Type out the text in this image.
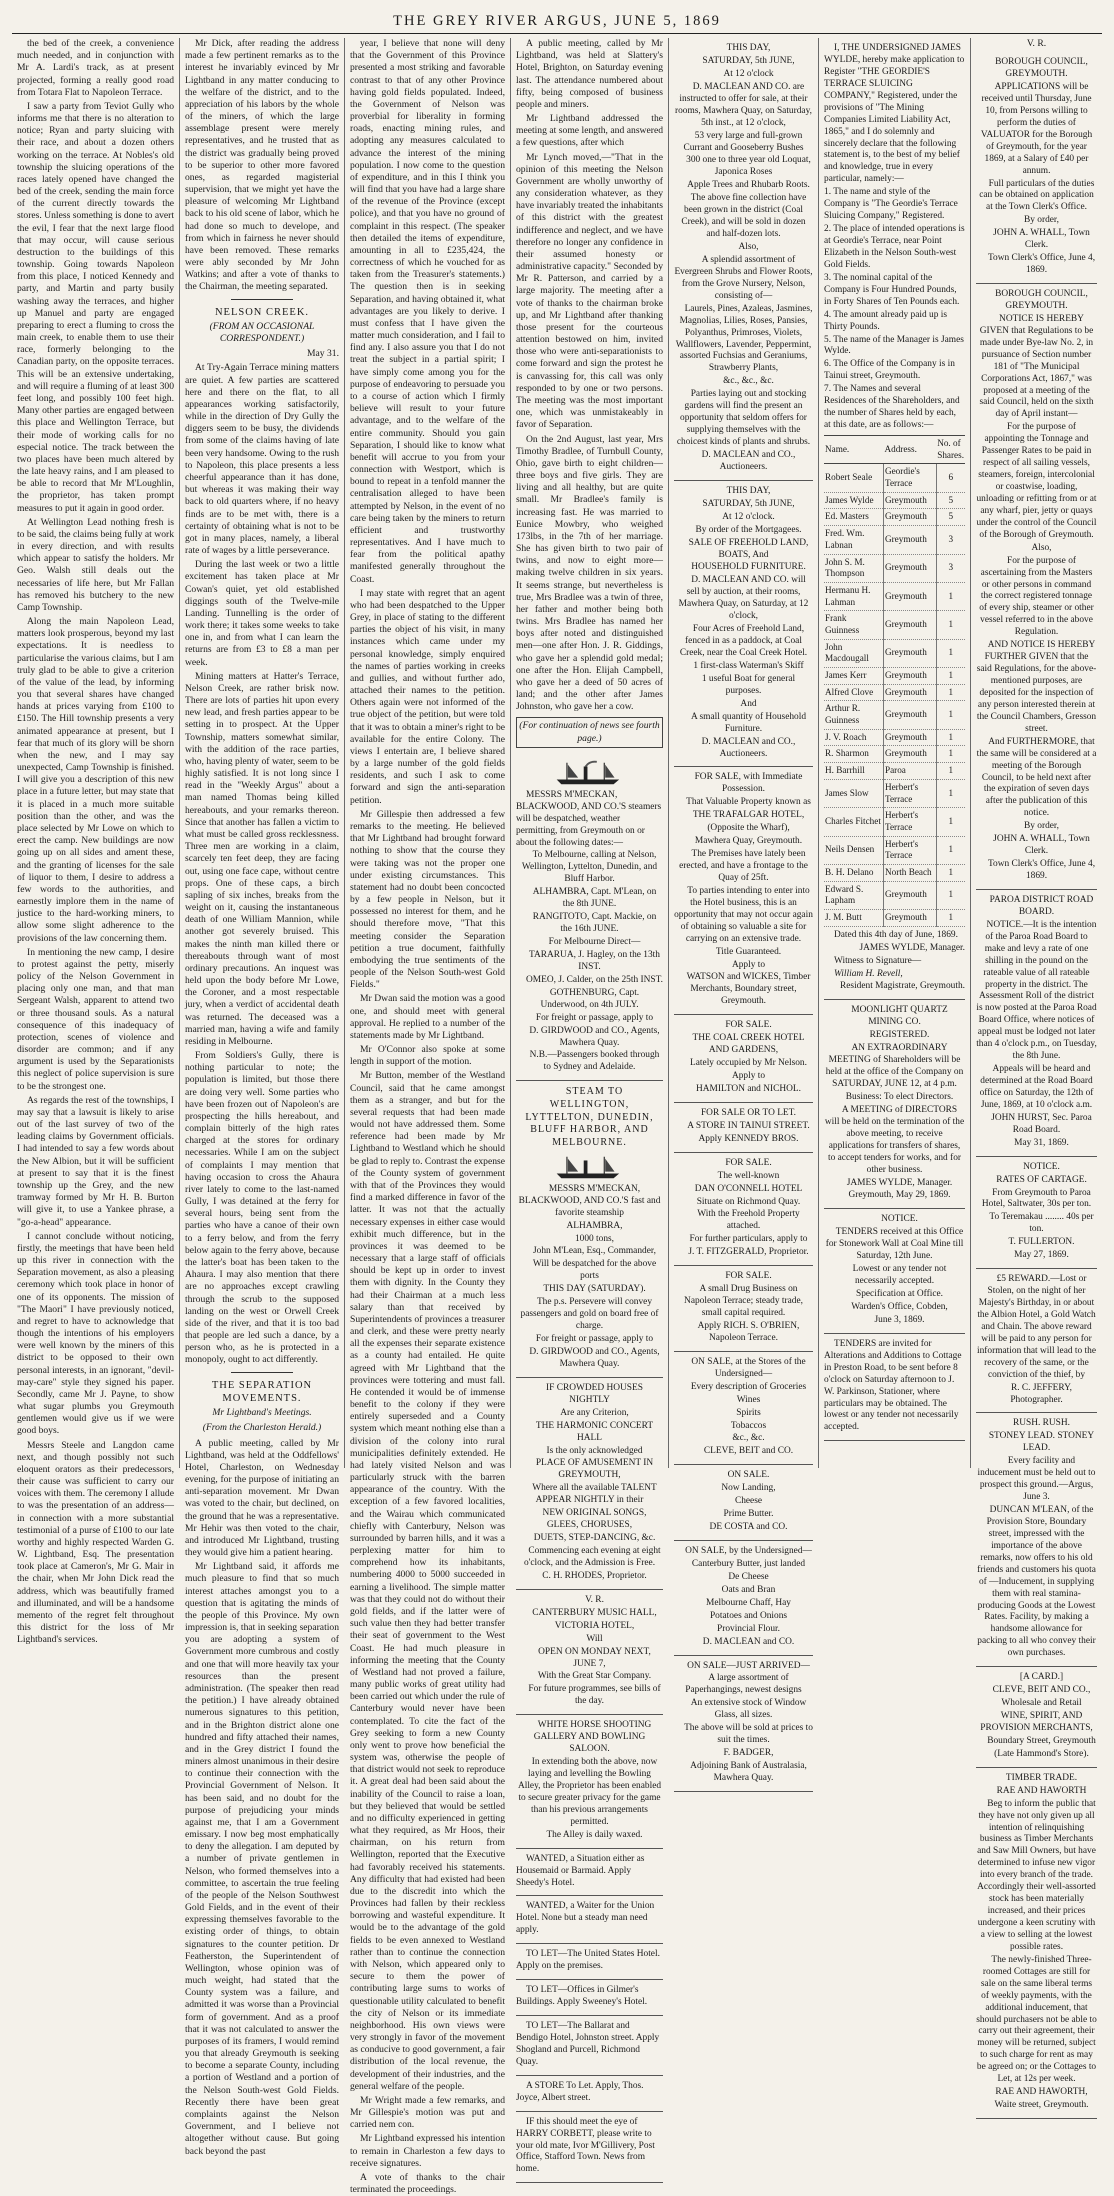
THE GREY RIVER ARGUS, JUNE 5, 1869

the bed of the creek, a convenience much needed, and in conjunction with Mr A. Lardi's track, as at present projected, forming a really good road from Totara Flat to Napoleon Terrace.

I saw a party from Teviot Gully who informs me that there is no alteration to notice; Ryan and party sluicing with their race, and about a dozen others working on the terrace. At Nobles's old township the sluicing operations of the races lately opened have changed the bed of the creek, sending the main force of the current directly towards the stores. Unless something is done to avert the evil, I fear that the next large flood that may occur, will cause serious destruction to the buildings of this township. Going towards Napoleon from this place, I noticed Kennedy and party, and Martin and party busily washing away the terraces, and higher up Manuel and party are engaged preparing to erect a fluming to cross the main creek, to enable them to use their race, formerly belonging to the Canadian party, on the opposite terraces. This will be an extensive undertaking, and will require a fluming of at least 300 feet long, and possibly 100 feet high. Many other parties are engaged between this place and Wellington Terrace, but their mode of working calls for no especial notice. The track between the two places have been much altered by the late heavy rains, and I am pleased to be able to record that Mr M'Loughlin, the proprietor, has taken prompt measures to put it again in good order.

At Wellington Lead nothing fresh is to be said, the claims being fully at work in every direction, and with results which appear to satisfy the holders. Mr Geo. Walsh still deals out the necessaries of life here, but Mr Fallan has removed his butchery to the new Camp Township.

Along the main Napoleon Lead, matters look prosperous, beyond my last expectations. It is needless to particularise the various claims, but I am truly glad to be able to give a criterion of the value of the lead, by informing you that several shares have changed hands at prices varying from £100 to £150. The Hill township presents a very animated appearance at present, but I fear that much of its glory will be shorn when the new, and I may say unexpected, Camp Township is finished. I will give you a description of this new place in a future letter, but may state that it is placed in a much more suitable position than the other, and was the place selected by Mr Lowe on which to erect the camp. New buildings are now going up on all sides and ament these, and the granting of licenses for the sale of liquor to them, I desire to address a few words to the authorities, and earnestly implore them in the name of justice to the hard-working miners, to allow some slight adherence to the provisions of the law concerning them.

In mentioning the new camp, I desire to protest against the petty, miserly policy of the Nelson Government in placing only one man, and that man Sergeant Walsh, apparent to attend two or three thousand souls. As a natural consequence of this inadequacy of protection, scenes of violence and disorder are common; and if any argument is used by the Separationists this neglect of police supervision is sure to be the strongest one.

As regards the rest of the townships, I may say that a lawsuit is likely to arise out of the last survey of two of the leading claims by Government officials. I had intended to say a few words about the New Albion, but it will be sufficient at present to say that it is the finest township up the Grey, and the new tramway formed by Mr H. B. Burton will give it, to use a Yankee phrase, a "go-a-head" appearance.

I cannot conclude without noticing, firstly, the meetings that have been held up this river in connection with the Separation movement, as also a pleasing ceremony which took place in honor of one of its opponents. The mission of "The Maori" I have previously noticed, and regret to have to acknowledge that though the intentions of his employers were well known by the miners of this district to be opposed to their own personal interests, in an ignorant, "devil-may-care" style they signed his paper. Secondly, came Mr J. Payne, to show what sugar plumbs you Greymouth gentlemen would give us if we were good boys.

Messrs Steele and Langdon came next, and though possibly not such eloquent orators as their predecessors, their cause was sufficient to carry our voices with them. The ceremony I allude to was the presentation of an address—in connection with a more substantial testimonial of a purse of £100 to our late worthy and highly respected Warden G. W. Lightband, Esq. The presentation took place at Cameron's, Mr G. Mair in the chair, when Mr John Dick read the address, which was beautifully framed and illuminated, and will be a handsome memento of the regret felt throughout this district for the loss of Mr Lightband's services.

Mr Dick, after reading the address made a few pertinent remarks as to the interest he invariably evinced by Mr Lightband in any matter conducing to the welfare of the district, and to the appreciation of his labors by the whole of the miners, of which the large assemblage present were merely representatives, and he trusted that as the district was gradually being proved to be superior to other more favored ones, as regarded magisterial supervision, that we might yet have the pleasure of welcoming Mr Lightband back to his old scene of labor, which he had done so much to develope, and from which in fairness he never should have been removed. These remarks were ably seconded by Mr John Watkins; and after a vote of thanks to the Chairman, the meeting separated.

NELSON CREEK.

(FROM AN OCCASIONAL CORRESPONDENT.)

May 31.

At Try-Again Terrace mining matters are quiet. A few parties are scattered here and there on the flat, to all appearances working satisfactorily, while in the direction of Dry Gully the diggers seem to be busy, the dividends from some of the claims having of late been very handsome. Owing to the rush to Napoleon, this place presents a less cheerful appearance than it has done, but whereas it was making their way back to old quarters where, if no heavy finds are to be met with, there is a certainty of obtaining what is not to be got in many places, namely, a liberal rate of wages by a little perseverance.

During the last week or two a little excitement has taken place at Mr Cowan's quiet, yet old established diggings south of the Twelve-mile Landing. Tunnelling is the order of work there; it takes some weeks to take one in, and from what I can learn the returns are from £3 to £8 a man per week.

Mining matters at Hatter's Terrace, Nelson Creek, are rather brisk now. There are lots of parties hit upon every new lead, and fresh parties appear to be setting in to prospect. At the Upper Township, matters somewhat similar, with the addition of the race parties, who, having plenty of water, seem to be highly satisfied. It is not long since I read in the "Weekly Argus" about a man named Thomas being killed hereabouts, and your remarks thereon. Since that another has fallen a victim to what must be called gross recklessness. Three men are working in a claim, scarcely ten feet deep, they are facing out, using one face cape, without centre props. One of these caps, a birch sapling of six inches, breaks from the weight on it, causing the instantaneous death of one William Mannion, while another got severely bruised. This makes the ninth man killed there or thereabouts through want of most ordinary precautions. An inquest was held upon the body before Mr Lowe, the Coroner, and a most respectable jury, when a verdict of accidental death was returned. The deceased was a married man, having a wife and family residing in Melbourne.

From Soldiers's Gully, there is nothing particular to note; the population is limited, but those there are doing very well. Some parties who have been frozen out of Napoleon's are prospecting the hills hereabout, and complain bitterly of the high rates charged at the stores for ordinary necessaries. While I am on the subject of complaints I may mention that having occasion to cross the Ahaura river lately to come to the last-named Gully, I was detained at the ferry for several hours, being sent from the parties who have a canoe of their own to a ferry below, and from the ferry below again to the ferry above, because the latter's boat has been taken to the Ahaura. I may also mention that there are no approaches except crawling through the scrub to the supposed landing on the west or Orwell Creek side of the river, and that it is too bad that people are led such a dance, by a person who, as he is protected in a monopoly, ought to act differently.

THE SEPARATION MOVEMENTS.

Mr Lightband's Meetings.

(From the Charleston Herald.)

A public meeting, called by Mr Lightband, was held at the Oddfellows' Hotel, Charleston, on Wednesday evening, for the purpose of initiating an anti-separation movement. Mr Dwan was voted to the chair, but declined, on the ground that he was a representative. Mr Hehir was then voted to the chair, and introduced Mr Lightband, trusting they would give him a patient hearing.

Mr Lightband said, it affords me much pleasure to find that so much interest attaches amongst you to a question that is agitating the minds of the people of this Province. My own impression is, that in seeking separation you are adopting a system of Government more cumbrous and costly and one that will more heavily tax your resources than the present administration. (The speaker then read the petition.) I have already obtained numerous signatures to this petition, and in the Brighton district alone one hundred and fifty attached their names, and in the Grey district I found the miners almost unanimous in their desire to continue their connection with the Provincial Government of Nelson. It has been said, and no doubt for the purpose of prejudicing your minds against me, that I am a Government emissary. I now beg most emphatically to deny the allegation. I am deputed by a number of private gentlemen in Nelson, who formed themselves into a committee, to ascertain the true feeling of the people of the Nelson Southwest Gold Fields, and in the event of their expressing themselves favorable to the existing order of things, to obtain signatures to the counter petition. Dr Featherston, the Superintendent of Wellington, whose opinion was of much weight, had stated that the County system was a failure, and admitted it was worse than a Provincial form of government. And as a proof that it was not calculated to answer the purposes of its framers, I would remind you that already Greymouth is seeking to become a separate County, including a portion of Westland and a portion of the Nelson South-west Gold Fields. Recently there have been great complaints against the Nelson Government, and I believe not altogether without cause. But going back beyond the past

year, I believe that none will deny that the Government of this Province presented a most striking and favorable contrast to that of any other Province having gold fields populated. Indeed, the Government of Nelson was proverbial for liberality in forming roads, enacting mining rules, and adopting any measures calculated to advance the interest of the mining population. I now come to the question of expenditure, and in this I think you will find that you have had a large share of the revenue of the Province (except police), and that you have no ground of complaint in this respect. (The speaker then detailed the items of expenditure, amounting in all to £235,424, the correctness of which he vouched for as taken from the Treasurer's statements.) The question then is in seeking Separation, and having obtained it, what advantages are you likely to derive. I must confess that I have given the matter much consideration, and I fail to find any. I also assure you that I do not treat the subject in a partial spirit; I have simply come among you for the purpose of endeavoring to persuade you to a course of action which I firmly believe will result to your future advantage, and to the welfare of the entire community. Should you gain Separation, I should like to know what benefit will accrue to you from your connection with Westport, which is bound to repeat in a tenfold manner the centralisation alleged to have been attempted by Nelson, in the event of no care being taken by the miners to return efficient and trustworthy representatives. And I have much to fear from the political apathy manifested generally throughout the Coast.

I may state with regret that an agent who had been despatched to the Upper Grey, in place of stating to the different parties the object of his visit, in many instances which came under my personal knowledge, simply enquired the names of parties working in creeks and gullies, and without further ado, attached their names to the petition. Others again were not informed of the true object of the petition, but were told that it was to obtain a miner's right to be available for the entire Colony. The views I entertain are, I believe shared by a large number of the gold fields residents, and such I ask to come forward and sign the anti-separation petition.

Mr Gillespie then addressed a few remarks to the meeting. He believed that Mr Lightband had brought forward nothing to show that the course they were taking was not the proper one under existing circumstances. This statement had no doubt been concocted by a few people in Nelson, but it possessed no interest for them, and he should therefore move, "That this meeting consider the Separation petition a true document, faithfully embodying the true sentiments of the people of the Nelson South-west Gold Fields."

Mr Dwan said the motion was a good one, and should meet with general approval. He replied to a number of the statements made by Mr Lightband.

Mr O'Connor also spoke at some length in support of the motion.

Mr Button, member of the Westland Council, said that he came amongst them as a stranger, and but for the several requests that had been made would not have addressed them. Some reference had been made by Mr Lightband to Westland which he should be glad to reply to. Contrast the expense of the County system of government with that of the Provinces they would find a marked difference in favor of the latter. It was not that the actually necessary expenses in either case would exhibit much difference, but in the provinces it was deemed to be necessary that a large staff of officials should be kept up in order to invest them with dignity. In the County they had their Chairman at a much less salary than that received by Superintendents of provinces a treasurer and clerk, and these were pretty nearly all the expenses their separate existence as a county had entailed. He quite agreed with Mr Lightband that the provinces were tottering and must fall. He contended it would be of immense benefit to the colony if they were entirely superseded and a County system which meant nothing else than a division of the colony into rural municipalities definitely extended. He had lately visited Nelson and was particularly struck with the barren appearance of the country. With the exception of a few favored localities, and the Wairau which communicated chiefly with Canterbury, Nelson was surrounded by barren hills, and it was a perplexing matter for him to comprehend how its inhabitants, numbering 4000 to 5000 succeeded in earning a livelihood. The simple matter was that they could not do without their gold fields, and if the latter were of such value then they had better transfer their seat of government to the West Coast. He had much pleasure in informing the meeting that the County of Westland had not proved a failure, many public works of great utility had been carried out which under the rule of Canterbury would never have been contemplated. To cite the fact of the Grey seeking to form a new County only went to prove how beneficial the system was, otherwise the people of that district would not seek to reproduce it. A great deal had been said about the inability of the Council to raise a loan, but they believed that would be settled and no difficulty experienced in getting what they required, as Mr Hoos, their chairman, on his return from Wellington, reported that the Executive had favorably received his statements. Any difficulty that had existed had been due to the discredit into which the Provinces had fallen by their reckless borrowing and wasteful expenditure. It would be to the advantage of the gold fields to be even annexed to Westland rather than to continue the connection with Nelson, which appeared only to secure to them the power of contributing large sums to works of questionable utility calculated to benefit the city of Nelson or its immediate neighborhood. His own views were very strongly in favor of the movement as conducive to good government, a fair distribution of the local revenue, the development of their industries, and the general welfare of the people.

Mr Wright made a few remarks, and Mr Gillespie's motion was put and carried nem con.

Mr Lightband expressed his intention to remain in Charleston a few days to receive signatures.

A vote of thanks to the chair terminated the proceedings.

A public meeting, called by Mr Lightband, was held at Slattery's Hotel, Brighton, on Saturday evening last. The attendance numbered about fifty, being composed of business people and miners.

Mr Lightband addressed the meeting at some length, and answered a few questions, after which

Mr Lynch moved,—"That in the opinion of this meeting the Nelson Government are wholly unworthy of any consideration whatever, as they have invariably treated the inhabitants of this district with the greatest indifference and neglect, and we have therefore no longer any confidence in their assumed honesty or administrative capacity." Seconded by Mr R. Patterson, and carried by a large majority. The meeting after a vote of thanks to the chairman broke up, and Mr Lightband after thanking those present for the courteous attention bestowed on him, invited those who were anti-separationists to come forward and sign the protest he is canvassing for, this call was only responded to by one or two persons. The meeting was the most important one, which was unmistakeably in favor of Separation.

On the 2nd August, last year, Mrs Timothy Bradlee, of Turnbull County, Ohio, gave birth to eight children—three boys and five girls. They are living and all healthy, but are quite small. Mr Bradlee's family is increasing fast. He was married to Eunice Mowbry, who weighed 173lbs, in the 7th of her marriage. She has given birth to two pair of twins, and now to eight more—making twelve children in six years. It seems strange, but nevertheless is true, Mrs Bradlee was a twin of three, her father and mother being both twins. Mrs Bradlee has named her boys after noted and distinguished men—one after Hon. J. R. Giddings, who gave her a splendid gold medal; one after the Hon. Elijah Campbell, who gave her a deed of 50 acres of land; and the other after James Johnston, who gave her a cow.

(For continuation of news see fourth page.)

MESSRS M'MECKAN, BLACKWOOD, AND CO.'S steamers will be despatched, weather permitting, from Greymouth on or about the following dates:—

To Melbourne, calling at Nelson, Wellington, Lyttelton, Dunedin, and Bluff Harbor.

ALHAMBRA, Capt. M'Lean, on the 8th JUNE.

RANGITOTO, Capt. Mackie, on the 16th JUNE.

For Melbourne Direct—

TARARUA, J. Hagley, on the 13th INST.

OMEO, J. Calder, on the 25th INST.

GOTHENBURG, Capt. Underwood, on 4th JULY.

For freight or passage, apply to

D. GIRDWOOD and CO., Agents, Mawhera Quay.

N.B.—Passengers booked through to Sydney and Adelaide.

STEAM TO WELLINGTON, LYTTELTON, DUNEDIN, BLUFF HARBOR, AND MELBOURNE.

MESSRS M'MECKAN, BLACKWOOD, AND CO.'S fast and favorite steamship

ALHAMBRA,

1000 tons,

John M'Lean, Esq., Commander,

Will be despatched for the above ports

THIS DAY (SATURDAY).

The p.s. Persevere will convey passengers and gold on board free of charge.

For freight or passage, apply to

D. GIRDWOOD and CO., Agents, Mawhera Quay.

IF CROWDED HOUSES NIGHTLY

Are any Criterion,

THE HARMONIC CONCERT HALL

Is the only acknowledged

PLACE OF AMUSEMENT IN GREYMOUTH,

Where all the available TALENT APPEAR NIGHTLY in their

NEW ORIGINAL SONGS, GLEES, CHORUSES,

DUETS, STEP-DANCING, &c.

Commencing each evening at eight o'clock, and the Admission is Free.

C. H. RHODES, Proprietor.

V. R.

CANTERBURY MUSIC HALL,

VICTORIA HOTEL,

Will

OPEN ON MONDAY NEXT, JUNE 7,

With the Great Star Company.

For future programmes, see bills of the day.

WHITE HORSE SHOOTING GALLERY AND BOWLING SALOON.

In extending both the above, now laying and levelling the Bowling Alley, the Proprietor has been enabled to secure greater privacy for the game than his previous arrangements permitted.

The Alley is daily waxed.

WANTED, a Situation either as Housemaid or Barmaid. Apply Sheedy's Hotel.

WANTED, a Waiter for the Union Hotel. None but a steady man need apply.

TO LET—The United States Hotel. Apply on the premises.

TO LET—Offices in Gilmer's Buildings. Apply Sweeney's Hotel.

TO LET—The Ballarat and Bendigo Hotel, Johnston street. Apply Shogland and Purcell, Richmond Quay.

A STORE To Let. Apply, Thos. Joyce, Albert street.

IF this should meet the eye of HARRY CORBETT, please write to your old mate, Ivor M'Gillivery, Post Office, Stafford Town. News from home.

THIS DAY,

SATURDAY, 5th JUNE,

At 12 o'clock

D. MACLEAN AND CO. are instructed to offer for sale, at their rooms, Mawhera Quay, on Saturday, 5th inst., at 12 o'clock,

53 very large and full-grown Currant and Gooseberry Bushes

300 one to three year old Loquat, Japonica Roses

Apple Trees and Rhubarb Roots.

The above fine collection have been grown in the district (Coal Creek), and will be sold in dozen and half-dozen lots.

Also,

A splendid assortment of Evergreen Shrubs and Flower Roots, from the Grove Nursery, Nelson, consisting of—

Laurels, Pines, Azaleas, Jasmines, Magnolias, Lilies, Roses, Pansies, Polyanthus, Primroses, Violets, Wallflowers, Lavender, Peppermint, assorted Fuchsias and Geraniums, Strawberry Plants,

&c., &c., &c.

Parties laying out and stocking gardens will find the present an opportunity that seldom offers for supplying themselves with the choicest kinds of plants and shrubs.

D. MACLEAN and CO., Auctioneers.

THIS DAY,

SATURDAY, 5th JUNE,

At 12 o'clock.

By order of the Mortgagees.

SALE OF FREEHOLD LAND, BOATS, And

HOUSEHOLD FURNITURE.

D. MACLEAN AND CO. will sell by auction, at their rooms, Mawhera Quay, on Saturday, at 12 o'clock,

Four Acres of Freehold Land, fenced in as a paddock, at Coal Creek, near the Coal Creek Hotel.

1 first-class Waterman's Skiff

1 useful Boat for general purposes.

And

A small quantity of Household Furniture.

D. MACLEAN and CO., Auctioneers.

FOR SALE, with Immediate Possession.

That Valuable Property known as

THE TRAFALGAR HOTEL,

(Opposite the Wharf),

Mawhera Quay, Greymouth.

The Premises have lately been erected, and have a frontage to the Quay of 25ft.

To parties intending to enter into the Hotel business, this is an opportunity that may not occur again of obtaining so valuable a site for carrying on an extensive trade.

Title Guaranteed.

Apply to

WATSON and WICKES, Timber Merchants, Boundary street, Greymouth.

FOR SALE.

THE COAL CREEK HOTEL AND GARDENS,

Lately occupied by Mr Nelson.

Apply to

HAMILTON and NICHOL.

FOR SALE OR TO LET.

A STORE IN TAINUI STREET.

Apply KENNEDY BROS.

FOR SALE.

The well-known

DAN O'CONNELL HOTEL

Situate on Richmond Quay.

With the Freehold Property attached.

For further particulars, apply to

J. T. FITZGERALD, Proprietor.

FOR SALE.

A small Drug Business on Napoleon Terrace; steady trade, small capital required.

Apply RICH. S. O'BRIEN, Napoleon Terrace.

ON SALE, at the Stores of the Undersigned—

Every description of Groceries

Wines

Spirits

Tobaccos

&c., &c.

CLEVE, BEIT and CO.

ON SALE.

Now Landing,

Cheese

Prime Butter.

DE COSTA and CO.

ON SALE, by the Undersigned—

Canterbury Butter, just landed

De Cheese

Oats and Bran

Melbourne Chaff, Hay

Potatoes and Onions

Provincial Flour.

D. MACLEAN and CO.

ON SALE—JUST ARRIVED—

A large assortment of Paperhangings, newest designs

An extensive stock of Window Glass, all sizes.

The above will be sold at prices to suit the times.

F. BADGER,

Adjoining Bank of Australasia, Mawhera Quay.

I, THE UNDERSIGNED JAMES WYLDE, hereby make application to Register "THE GEORDIE'S TERRACE SLUICING COMPANY," Registered, under the provisions of "The Mining Companies Limited Liability Act, 1865," and I do solemnly and sincerely declare that the following statement is, to the best of my belief and knowledge, true in every particular, namely:—

1. The name and style of the Company is "The Geordie's Terrace Sluicing Company," Registered.

2. The place of intended operations is at Geordie's Terrace, near Point Elizabeth in the Nelson South-west Gold Fields.

3. The nominal capital of the Company is Four Hundred Pounds, in Forty Shares of Ten Pounds each.

4. The amount already paid up is Thirty Pounds.

5. The name of the Manager is James Wylde.

6. The Office of the Company is in Tainui street, Greymouth.

7. The Names and several Residences of the Shareholders, and the number of Shares held by each, at this date, are as follows:—

Name.	Address.	No. of Shares.
Robert Seale	Geordie's Terrace	6
James Wylde	Greymouth	5
Ed. Masters	Greymouth	5
Fred. Wm. Labnan	Greymouth	3
John S. M. Thompson	Greymouth	3
Hermanu H. Lahman	Greymouth	1
Frank Guinness	Greymouth	1
John Macdougall	Greymouth	1
James Kerr	Greymouth	1
Alfred Clove	Greymouth	1
Arthur R. Guinness	Greymouth	1
J. V. Roach	Greymouth	1
R. Sharmon	Greymouth	1
H. Barrhill	Paroa	1
James Slow	Herbert's Terrace	1
Charles Fitchet	Herbert's Terrace	1
Neils Densen	Herbert's Terrace	1
B. H. Delano	North Beach	1
Edward S. Lapham	Greymouth	1
J. M. Butt	Greymouth	1

Dated this 4th day of June, 1869.

JAMES WYLDE, Manager.

Witness to Signature—

William H. Revell,

Resident Magistrate, Greymouth.

MOONLIGHT QUARTZ MINING CO.

REGISTERED.

AN EXTRAORDINARY MEETING of Shareholders will be held at the office of the Company on SATURDAY, JUNE 12, at 4 p.m.

Business: To elect Directors.

A MEETING of DIRECTORS will be held on the termination of the above meeting, to receive applications for transfers of shares, to accept tenders for works, and for other business.

JAMES WYLDE, Manager.

Greymouth, May 29, 1869.

NOTICE.

TENDERS received at this Office for Stonework Wall at Coal Mine till Saturday, 12th June.

Lowest or any tender not necessarily accepted.

Specification at Office.

Warden's Office, Cobden,

June 3, 1869.

TENDERS are invited for Alterations and Additions to Cottage in Preston Road, to be sent before 8 o'clock on Saturday afternoon to J. W. Parkinson, Stationer, where particulars may be obtained. The lowest or any tender not necessarily accepted.

V. R.

BOROUGH COUNCIL, GREYMOUTH.

APPLICATIONS will be received until Thursday, June 10, from Persons willing to perform the duties of VALUATOR for the Borough of Greymouth, for the year 1869, at a Salary of £40 per annum.

Full particulars of the duties can be obtained on application at the Town Clerk's Office.

By order,

JOHN A. WHALL, Town Clerk.

Town Clerk's Office, June 4, 1869.

BOROUGH COUNCIL, GREYMOUTH.

NOTICE IS HEREBY GIVEN that Regulations to be made under Bye-law No. 2, in pursuance of Section number 181 of "The Municipal Corporations Act, 1867," was proposed at a meeting of the said Council, held on the sixth day of April instant—

For the purpose of appointing the Tonnage and Passenger Rates to be paid in respect of all sailing vessels, steamers, foreign, intercolonial or coastwise, loading, unloading or refitting from or at any wharf, pier, jetty or quays under the control of the Council of the Borough of Greymouth.

Also,

For the purpose of ascertaining from the Masters or other persons in command the correct registered tonnage of every ship, steamer or other vessel referred to in the above Regulation.

AND NOTICE IS HEREBY FURTHER GIVEN that the said Regulations, for the above-mentioned purposes, are deposited for the inspection of any person interested therein at the Council Chambers, Gresson street.

And FURTHERMORE, that the same will be considered at a meeting of the Borough Council, to be held next after the expiration of seven days after the publication of this notice.

By order,

JOHN A. WHALL, Town Clerk.

Town Clerk's Office, June 4, 1869.

PAROA DISTRICT ROAD BOARD.

NOTICE.—It is the intention of the Paroa Road Board to make and levy a rate of one shilling in the pound on the rateable value of all rateable property in the district. The Assessment Roll of the district is now posted at the Paroa Road Board Office, where notices of appeal must be lodged not later than 4 o'clock p.m., on Tuesday, the 8th June.

Appeals will be heard and determined at the Road Board office on Saturday, the 12th of June, 1869, at 10 o'clock a.m.

JOHN HURST, Sec. Paroa Road Board.

May 31, 1869.

NOTICE.

RATES OF CARTAGE.

From Greymouth to Paroa Hotel, Saltwater, 30s per ton.

To Teremakau ........ 40s per ton.

T. FULLERTON.

May 27, 1869.

£5 REWARD.—Lost or Stolen, on the night of her Majesty's Birthday, in or about the Albion Hotel, a Gold Watch and Chain. The above reward will be paid to any person for information that will lead to the recovery of the same, or the conviction of the thief, by

R. C. JEFFERY, Photographer.

RUSH. RUSH.

STONEY LEAD. STONEY LEAD.

Every facility and inducement must be held out to prospect this ground.—Argus, June 3.

DUNCAN M'LEAN, of the Provision Store, Boundary street, impressed with the importance of the above remarks, now offers to his old friends and customers his quota of —Inducement, in supplying them with real stamina-producing Goods at the Lowest Rates. Facility, by making a handsome allowance for packing to all who convey their own purchases.

[A CARD.]

CLEVE, BEIT AND CO.,

Wholesale and Retail

WINE, SPIRIT, AND PROVISION MERCHANTS,

Boundary Street, Greymouth

(Late Hammond's Store).

TIMBER TRADE.

RAE AND HAWORTH

Beg to inform the public that they have not only given up all intention of relinquishing business as Timber Merchants and Saw Mill Owners, but have determined to infuse new vigor into every branch of the trade. Accordingly their well-assorted stock has been materially increased, and their prices undergone a keen scrutiny with a view to selling at the lowest possible rates.

The newly-finished Three-roomed Cottages are still for sale on the same liberal terms of weekly payments, with the additional inducement, that should purchasers not be able to carry out their agreement, their money will be returned, subject to such charge for rent as may be agreed on; or the Cottages to Let, at 12s per week.

RAE AND HAWORTH,

Waite street, Greymouth.
